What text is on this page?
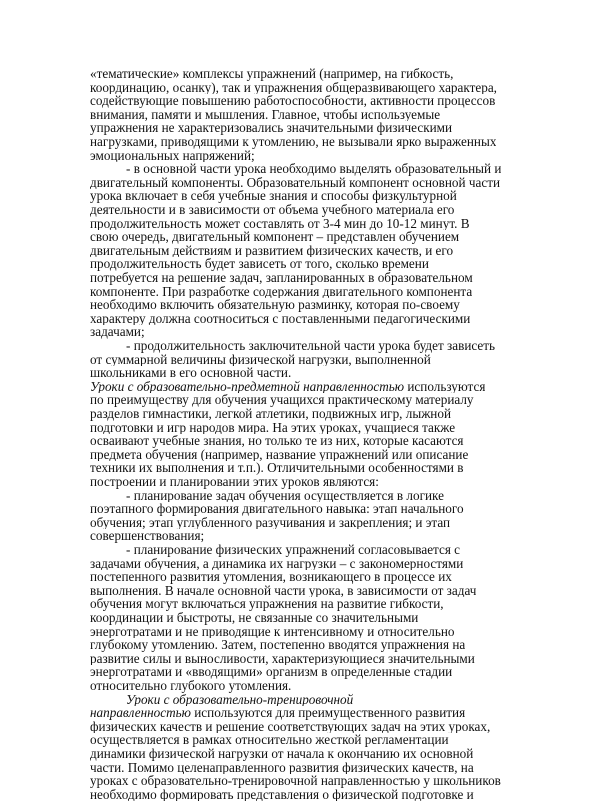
«тематические» комплексы упражнений (например, на гибкость,
координацию, осанку), так и упражнения общеразвивающего характера,
содействующие повышению работоспособности, активности процессов
внимания, памяти и мышления. Главное, чтобы используемые
упражнения не характеризовались значительными физическими
нагрузками, приводящими к утомлению, не вызывали ярко выраженных
эмоциональных напряжений;
- в основной части урока необходимо выделять образовательный и
двигательный компоненты. Образовательный компонент основной части
урока включает в себя учебные знания и способы физкультурной
деятельности и в зависимости от объема учебного материала его
продолжительность может составлять от 3-4 мин до 10-12 минут. В
свою очередь, двигательный компонент – представлен обучением
двигательным действиям и развитием физических качеств, и его
продолжительность будет зависеть от того, сколько времени
потребуется на решение задач, запланированных в образовательном
компоненте. При разработке содержания двигательного компонента
необходимо включить обязательную разминку, которая по-своему
характеру должна соотноситься с поставленными педагогическими
задачами;
- продолжительность заключительной части урока будет зависеть
от суммарной величины физической нагрузки, выполненной
школьниками в его основной части.
Уроки с образовательно-предметной направленностью используются
по преимуществу для обучения учащихся практическому материалу
разделов гимнастики, легкой атлетики, подвижных игр, лыжной
подготовки и игр народов мира. На этих уроках, учащиеся также
осваивают учебные знания, но только те из них, которые касаются
предмета обучения (например, название упражнений или описание
техники их выполнения и т.п.). Отличительными особенностями в
построении и планировании этих уроков являются:
- планирование задач обучения осуществляется в логике
поэтапного формирования двигательного навыка: этап начального
обучения; этап углубленного разучивания и закрепления; и этап
совершенствования;
- планирование физических упражнений согласовывается с
задачами обучения, а динамика их нагрузки – с закономерностями
постепенного развития утомления, возникающего в процессе их
выполнения. В начале основной части урока, в зависимости от задач
обучения могут включаться упражнения на развитие гибкости,
координации и быстроты, не связанные со значительными
энерготратами и не приводящие к интенсивному и относительно
глубокому утомлению. Затем, постепенно вводятся упражнения на
развитие силы и выносливости, характеризующиеся значительными
энерготратами и «вводящими» организм в определенные стадии
относительно глубокого утомления.
Уроки с образовательно-тренировочной
направленностью используются для преимущественного развития
физических качеств и решение соответствующих задач на этих уроках,
осуществляется в рамках относительно жесткой регламентации
динамики физической нагрузки от начала к окончанию их основной
части. Помимо целенаправленного развития физических качеств, на
уроках с образовательно-тренировочной направленностью у школьников
необходимо формировать представления о физической подготовке и
